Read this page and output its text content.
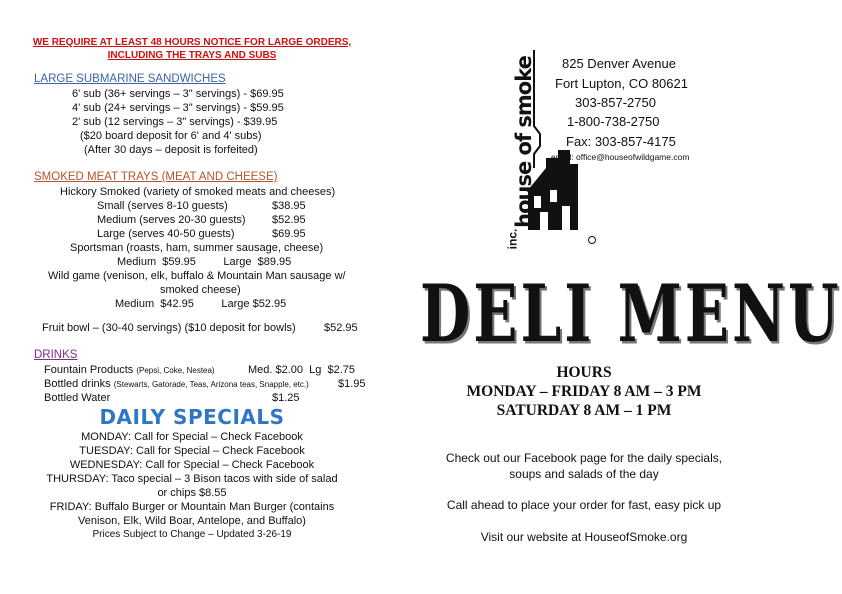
WE REQUIRE AT LEAST 48 HOURS NOTICE FOR LARGE ORDERS,
INCLUDING THE TRAYS AND SUBS
LARGE SUBMARINE SANDWICHES
6' sub (36+ servings – 3" servings) - $69.95
4' sub (24+ servings – 3" servings) - $59.95
2' sub (12 servings – 3" servings) - $39.95
($20 board deposit for 6' and 4' subs)
(After 30 days – deposit is forfeited)
SMOKED MEAT TRAYS (MEAT AND CHEESE)
Hickory Smoked (variety of smoked meats and cheeses)
Small (serves 8-10 guests)	$38.95
Medium (serves 20-30 guests) $52.95
Large (serves 40-50 guests)	$69.95
Sportsman (roasts, ham, summer sausage, cheese)
Medium  $59.95         Large  $89.95
Wild game (venison, elk, buffalo & Mountain Man sausage w/
smoked cheese)
Medium  $42.95         Large $52.95
Fruit bowl – (30-40 servings) ($10 deposit for bowls)	$52.95
DRINKS
Fountain Products (Pepsi, Coke, Nestea)	Med. $2.00  Lg  $2.75
Bottled drinks (Stewarts, Gatorade, Teas, Arizona teas, Snapple, etc.)	$1.95
Bottled Water	$1.25
DAILY SPECIALS
MONDAY: Call for Special – Check Facebook
TUESDAY: Call for Special – Check Facebook
WEDNESDAY: Call for Special – Check Facebook
THURSDAY: Taco special – 3 Bison tacos with side of salad
or chips $8.55
FRIDAY: Buffalo Burger or Mountain Man Burger (contains
Venison, Elk, Wild Boar, Antelope, and Buffalo)
Prices Subject to Change – Updated 3-26-19
house of smoke
inc.
825 Denver Avenue
Fort Lupton, CO 80621
303-857-2750
1-800-738-2750
Fax: 303-857-4175
email: office@houseofwildgame.com
DELI MENU
HOURS
MONDAY – FRIDAY 8 AM – 3 PM
SATURDAY 8 AM – 1 PM
Check out our Facebook page for the daily specials,
soups and salads of the day
Call ahead to place your order for fast, easy pick up
Visit our website at HouseofSmoke.org
